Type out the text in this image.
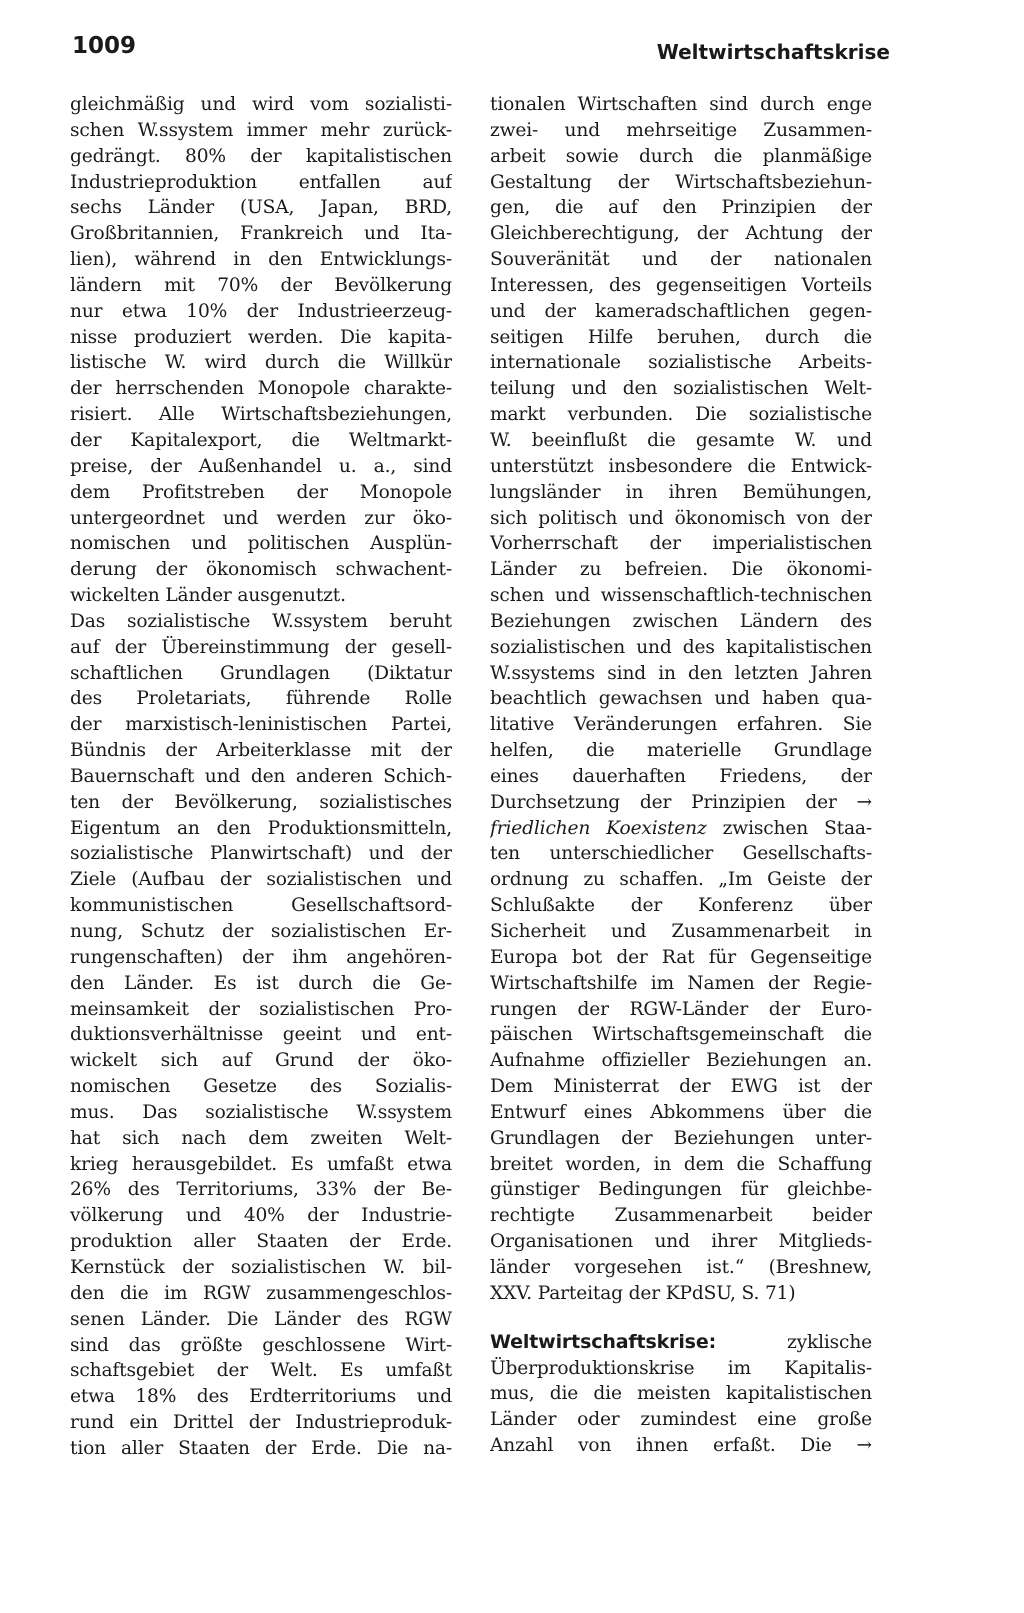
1009	Weltwirtschaftskrise
gleichmäßig und wird vom sozialisti-
schen W.ssystem immer mehr zurück-
gedrängt. 80% der kapitalistischen
Industrieproduktion entfallen auf
sechs Länder (USA, Japan, BRD,
Großbritannien, Frankreich und Ita-
lien), während in den Entwicklungs-
ländern mit 70% der Bevölkerung
nur etwa 10% der Industrieerzeug-
nisse produziert werden. Die kapita-
listische W. wird durch die Willkür
der herrschenden Monopole charakte-
risiert. Alle Wirtschaftsbeziehungen,
der Kapitalexport, die Weltmarkt-
preise, der Außenhandel u. a., sind
dem Profitstreben der Monopole
untergeordnet und werden zur öko-
nomischen und politischen Ausplün-
derung der ökonomisch schwachent-
wickelten Länder ausgenutzt.
Das sozialistische W.ssystem beruht
auf der Übereinstimmung der gesell-
schaftlichen Grundlagen (Diktatur
des Proletariats, führende Rolle
der marxistisch-leninistischen Partei,
Bündnis der Arbeiterklasse mit der
Bauernschaft und den anderen Schich-
ten der Bevölkerung, sozialistisches
Eigentum an den Produktionsmitteln,
sozialistische Planwirtschaft) und der
Ziele (Aufbau der sozialistischen und
kommunistischen Gesellschaftsord-
nung, Schutz der sozialistischen Er-
rungenschaften) der ihm angehören-
den Länder. Es ist durch die Ge-
meinsamkeit der sozialistischen Pro-
duktionsverhältnisse geeint und ent-
wickelt sich auf Grund der öko-
nomischen Gesetze des Sozialis-
mus. Das sozialistische W.ssystem
hat sich nach dem zweiten Welt-
krieg herausgebildet. Es umfaßt etwa
26% des Territoriums, 33% der Be-
völkerung und 40% der Industrie-
produktion aller Staaten der Erde.
Kernstück der sozialistischen W. bil-
den die im RGW zusammengeschlos-
senen Länder. Die Länder des RGW
sind das größte geschlossene Wirt-
schaftsgebiet der Welt. Es umfaßt
etwa 18% des Erdterritoriums und
rund ein Drittel der Industrieproduk-
tion aller Staaten der Erde. Die na-
tionalen Wirtschaften sind durch enge
zwei- und mehrseitige Zusammen-
arbeit sowie durch die planmäßige
Gestaltung der Wirtschaftsbeziehun-
gen, die auf den Prinzipien der
Gleichberechtigung, der Achtung der
Souveränität und der nationalen
Interessen, des gegenseitigen Vorteils
und der kameradschaftlichen gegen-
seitigen Hilfe beruhen, durch die
internationale sozialistische Arbeits-
teilung und den sozialistischen Welt-
markt verbunden. Die sozialistische
W. beeinflußt die gesamte W. und
unterstützt insbesondere die Entwick-
lungsländer in ihren Bemühungen,
sich politisch und ökonomisch von der
Vorherrschaft der imperialistischen
Länder zu befreien. Die ökonomi-
schen und wissenschaftlich-technischen
Beziehungen zwischen Ländern des
sozialistischen und des kapitalistischen
W.ssystems sind in den letzten Jahren
beachtlich gewachsen und haben qua-
litative Veränderungen erfahren. Sie
helfen, die materielle Grundlage
eines dauerhaften Friedens, der
Durchsetzung der Prinzipien der →
friedlichen Koexistenz zwischen Staa-
ten unterschiedlicher Gesellschafts-
ordnung zu schaffen. „Im Geiste der
Schlußakte der Konferenz über
Sicherheit und Zusammenarbeit in
Europa bot der Rat für Gegenseitige
Wirtschaftshilfe im Namen der Regie-
rungen der RGW-Länder der Euro-
päischen Wirtschaftsgemeinschaft die
Aufnahme offizieller Beziehungen an.
Dem Ministerrat der EWG ist der
Entwurf eines Abkommens über die
Grundlagen der Beziehungen unter-
breitet worden, in dem die Schaffung
günstiger Bedingungen für gleichbe-
rechtigte Zusammenarbeit beider
Organisationen und ihrer Mitglieds-
länder vorgesehen ist.“ (Breshnew,
XXV. Parteitag der KPdSU, S. 71)
Weltwirtschaftskrise:	zyklische
Überproduktionskrise im Kapitalis-
mus, die die meisten kapitalistischen
Länder oder zumindest eine große
Anzahl von ihnen erfaßt. Die →
